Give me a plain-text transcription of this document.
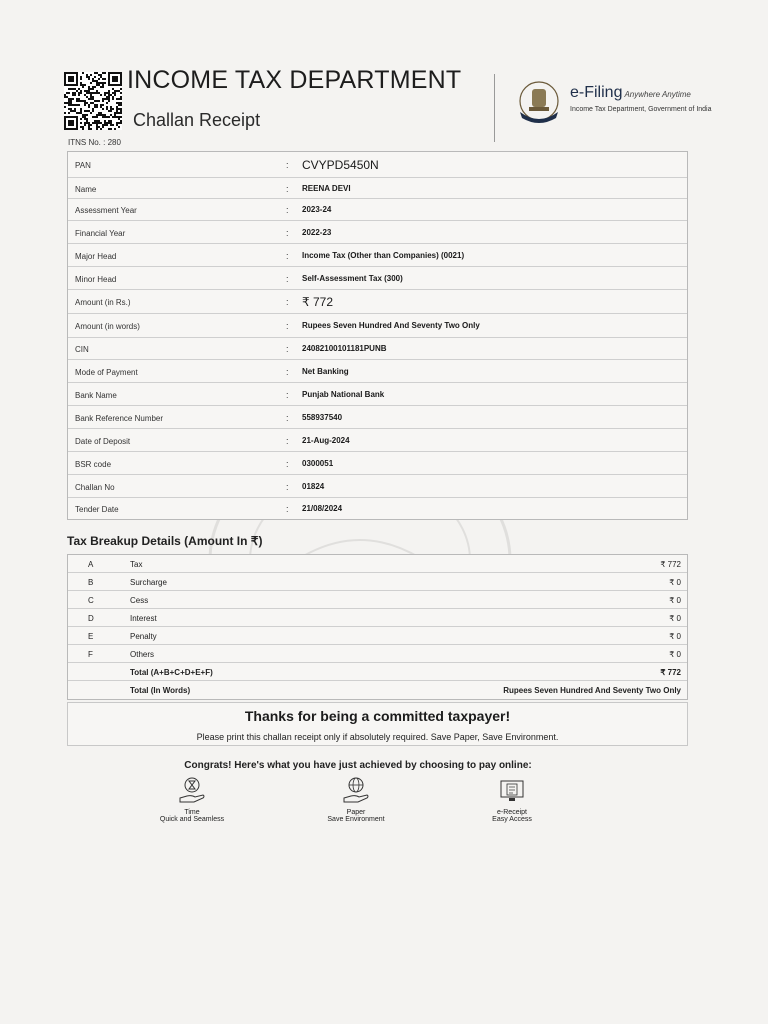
INCOME TAX DEPARTMENT
Challan Receipt
e-Filing Anywhere Anytime
Income Tax Department, Government of India
ITNS No. : 280
PAN	: CVYPD5450N
Name	: REENA DEVI
Assessment Year	: 2023-24
Financial Year	: 2022-23
Major Head	: Income Tax (Other than Companies) (0021)
Minor Head	: Self-Assessment Tax (300)
Amount (in Rs.)	: ₹ 772
Amount (in words)	: Rupees Seven Hundred And Seventy Two Only
CIN	: 24082100101181PUNB
Mode of Payment	: Net Banking
Bank Name	: Punjab National Bank
Bank Reference Number	: 558937540
Date of Deposit	: 21-Aug-2024
BSR code	: 0300051
Challan No	: 01824
Tender Date	: 21/08/2024
Tax Breakup Details (Amount In ₹)
A	Tax	₹ 772
B	Surcharge	₹ 0
C	Cess	₹ 0
D	Interest	₹ 0
E	Penalty	₹ 0
F	Others	₹ 0
Total (A+B+C+D+E+F)	₹ 772
Total (In Words)	Rupees Seven Hundred And Seventy Two Only
Thanks for being a committed taxpayer!
Please print this challan receipt only if absolutely required. Save Paper, Save Environment.
Congrats! Here's what you have just achieved by choosing to pay online:
Time
Quick and Seamless
Paper
Save Environment
e-Receipt
Easy Access
